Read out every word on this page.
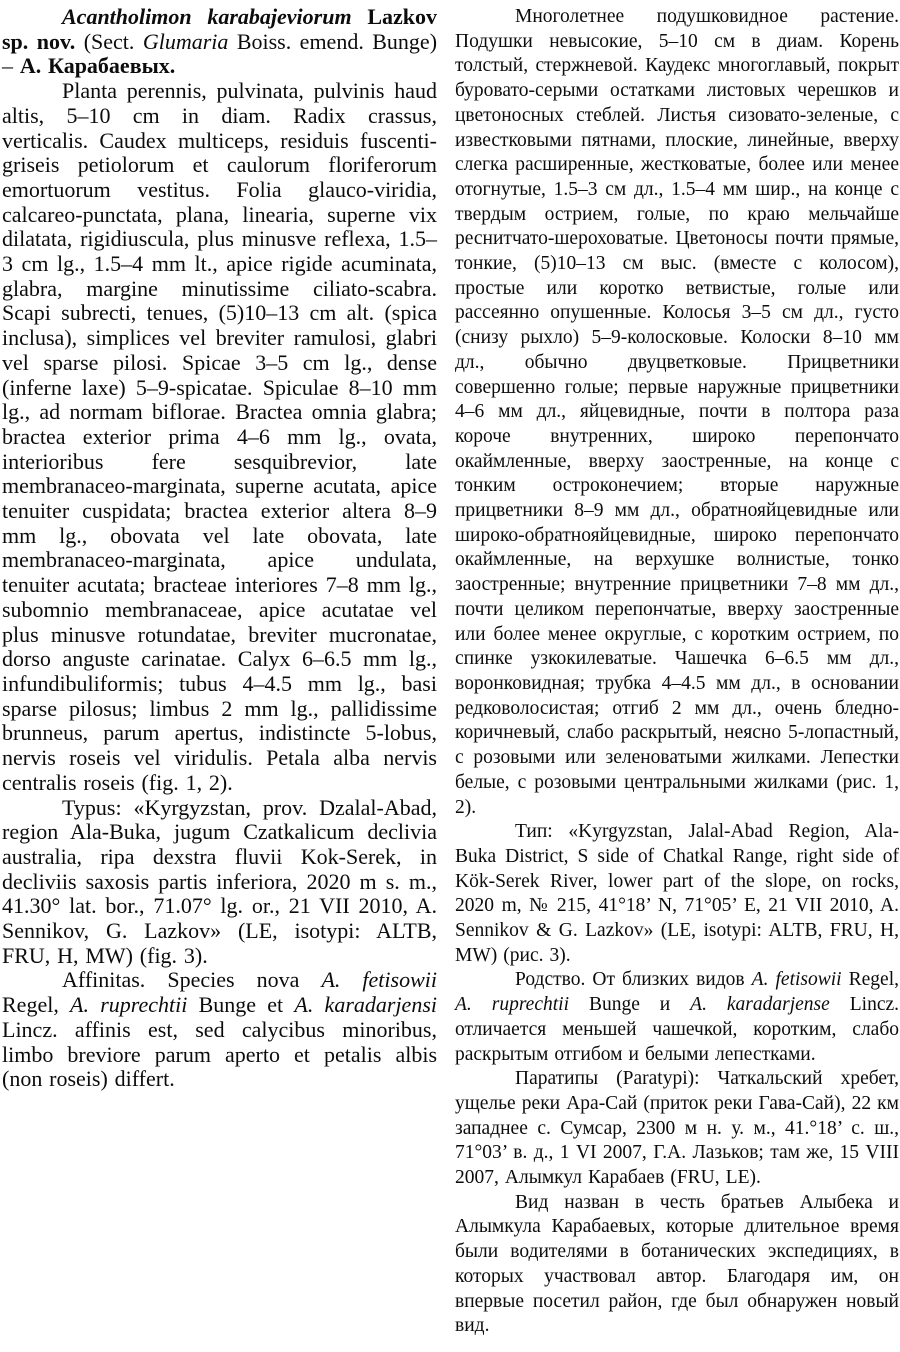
Acantholimon karabajeviorum Lazkov sp. nov. (Sect. Glumaria Boiss. emend. Bunge) – А. Карабаевых.

Planta perennis, pulvinata, pulvinis haud altis, 5–10 cm in diam. Radix crassus, verticalis. Caudex multiceps, residuis fuscenti-griseis petiolorum et caulorum floriferorum emortuorum vestitus. Folia glauco-viridia, calcareo-punctata, plana, linearia, superne vix dilatata, rigidiuscula, plus minusve reflexa, 1.5–3 cm lg., 1.5–4 mm lt., apice rigide acuminata, glabra, margine minutissime ciliato-scabra. Scapi subrecti, tenues, (5)10–13 cm alt. (spica inclusa), simplices vel breviter ramulosi, glabri vel sparse pilosi. Spicae 3–5 cm lg., dense (inferne laxe) 5–9-spicatae. Spiculae 8–10 mm lg., ad normam biflorae. Bractea omnia glabra; bractea exterior prima 4–6 mm lg., ovata, interioribus fere sesquibrevior, late membranaceo-marginata, superne acutata, apice tenuiter cuspidata; bractea exterior altera 8–9 mm lg., obovata vel late obovata, late membranaceo-marginata, apice undulata, tenuiter acutata; bracteae interiores 7–8 mm lg., subomnio membranaceae, apice acutatae vel plus minusve rotundatae, breviter mucronatae, dorso anguste carinatae. Calyx 6–6.5 mm lg., infundibuliformis; tubus 4–4.5 mm lg., basi sparse pilosus; limbus 2 mm lg., pallidissime brunneus, parum apertus, indistincte 5-lobus, nervis roseis vel viridulis. Petala alba nervis centralis roseis (fig. 1, 2).

Typus: «Kyrgyzstan, prov. Dzalal-Abad, region Ala-Buka, jugum Czatkalicum declivia australia, ripa dexstra fluvii Kok-Serek, in decliviis saxosis partis inferiora, 2020 m s. m., 41.30° lat. bor., 71.07° lg. or., 21 VII 2010, A. Sennikov, G. Lazkov» (LE, isotypi: ALTB, FRU, H, MW) (fig. 3).

Affinitas. Species nova A. fetisowii Regel, A. ruprechtii Bunge et A. karadarjensi Lincz. affinis est, sed calycibus minoribus, limbo breviore parum aperto et petalis albis (non roseis) differt.

Многолетнее подушковидное растение. Подушки невысокие, 5–10 см в диам. Корень толстый, стержневой. Каудекс многоглавый, покрыт буровато-серыми остатками листовых черешков и цветоносных стеблей. Листья сизовато-зеленые, с известковыми пятнами, плоские, линейные, вверху слегка расширенные, жестковатые, более или менее отогнутые, 1.5–3 см дл., 1.5–4 мм шир., на конце с твердым острием, голые, по краю мельчайше реснитчато-шероховатые. Цветоносы почти прямые, тонкие, (5)10–13 см выс. (вместе с колосом), простые или коротко ветвистые, голые или рассеянно опушенные. Колосья 3–5 см дл., густо (снизу рыхло) 5–9-колосковые. Колоски 8–10 мм дл., обычно двуцветковые. Прицветники совершенно голые; первые наружные прицветники 4–6 мм дл., яйцевидные, почти в полтора раза короче внутренних, широко перепончато окаймленные, вверху заостренные, на конце с тонким остроконечием; вторые наружные прицветники 8–9 мм дл., обратнояйцевидные или широко-обратнояйцевидные, широко перепончато окаймленные, на верхушке волнистые, тонко заостренные; внутренние прицветники 7–8 мм дл., почти целиком перепончатые, вверху заостренные или более менее округлые, с коротким острием, по спинке узкокилеватые. Чашечка 6–6.5 мм дл., воронковидная; трубка 4–4.5 мм дл., в основании редковолосистая; отгиб 2 мм дл., очень бледно-коричневый, слабо раскрытый, неясно 5-лопастный, с розовыми или зеленоватыми жилками. Лепестки белые, с розовыми центральными жилками (рис. 1, 2).

Тип: «Kyrgyzstan, Jalal-Abad Region, Ala-Buka District, S side of Chatkal Range, right side of Kök-Serek River, lower part of the slope, on rocks, 2020 m, № 215, 41°18’ N, 71°05’ E, 21 VII 2010, A. Sennikov & G. Lazkov» (LE, isotypi: ALTB, FRU, H, MW) (рис. 3).

Родство. От близких видов A. fetisowii Regel, A. ruprechtii Bunge и A. karadarjense Lincz. отличается меньшей чашечкой, коротким, слабо раскрытым отгибом и белыми лепестками.

Паратипы (Paratypi): Чаткальский хребет, ущелье реки Ара-Сай (приток реки Гава-Сай), 22 км западнее с. Сумсар, 2300 м н. у. м., 41.°18’ с. ш., 71°03’ в. д., 1 VI 2007, Г.А. Лазьков; там же, 15 VIII 2007, Алымкул Карабаев (FRU, LE).

Вид назван в честь братьев Алыбека и Алымкула Карабаевых, которые длительное время были водителями в ботанических экспедициях, в которых участвовал автор. Благодаря им, он впервые посетил район, где был обнаружен новый вид.
